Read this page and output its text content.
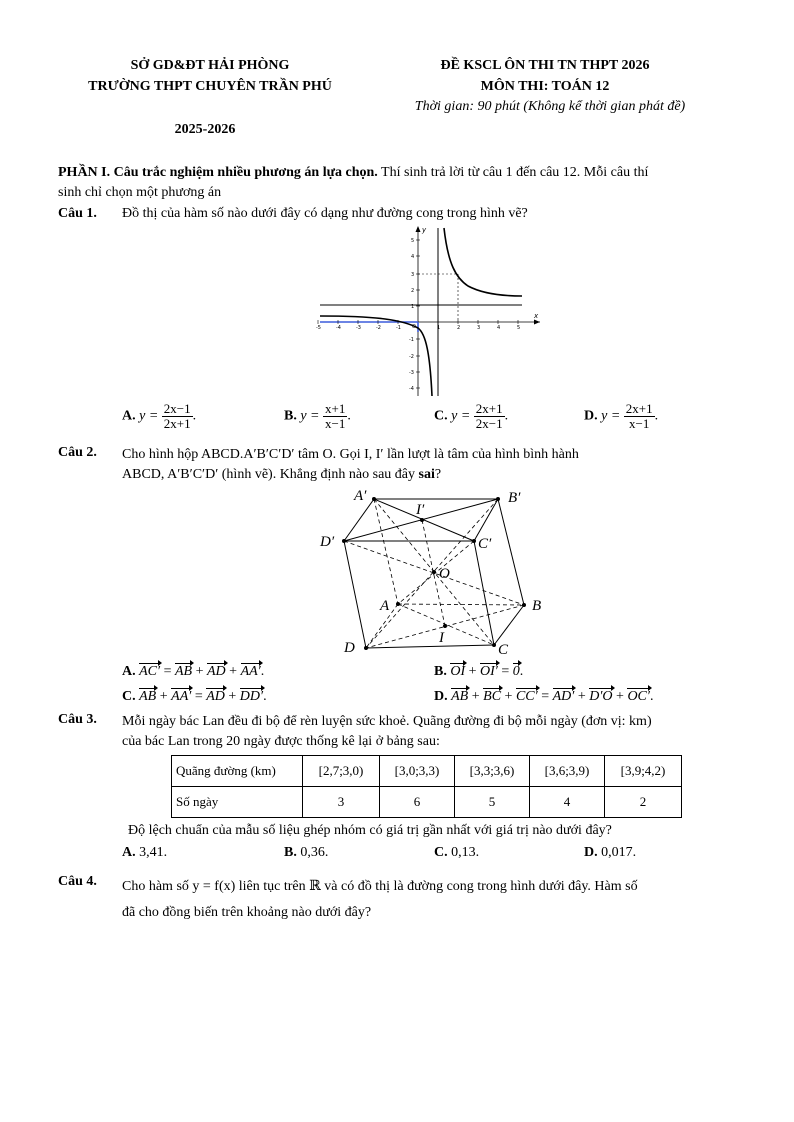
SỞ GD&ĐT HẢI PHÒNG
TRƯỜNG THPT CHUYÊN TRẦN PHÚ
2025-2026
ĐỀ KSCL ÔN THI TN THPT 2026
MÔN THI: TOÁN 12
Thời gian: 90 phút (Không kể thời gian phát đề)
PHẦN I. Câu trắc nghiệm nhiều phương án lựa chọn. Thí sinh trả lời từ câu 1 đến câu 12. Mỗi câu thí
sinh chỉ chọn một phương án
Câu 1. Đồ thị của hàm số nào dưới đây có dạng như đường cong trong hình vẽ?
-5	-4	-3	-2	-1	1	2	3	4	5
5
4
3
2
1
-1
-2
-3
-4
O
x
y
A. $y = \frac{2x-1}{2x+1}$ .	B. $y = \frac{x+1}{x-1}$ .	C. $y = \frac{2x+1}{2x-1}$ .	D. $y = \frac{2x+1}{x-1}$ .
Câu 2. Cho hình hộp ABCD.A′B′C′D′ tâm O. Gọi I, I′ lần lượt là tâm của hình bình hành
ABCD, A′B′C′D′ (hình vẽ). Khẳng định nào sau đây sai?
A′	B′
D′	C′
A	B
D	C
O
I′
I
A. AC′ = AB + AD + AA′.	B. OI + OI′ = 0.
C. AB + AA′ = AD + DD′.	D. AB + BC + CC′ = AD′ + D′O + OC′.
Câu 3. Mỗi ngày bác Lan đều đi bộ để rèn luyện sức khoẻ. Quãng đường đi bộ mỗi ngày (đơn vị: km)
của bác Lan trong 20 ngày được thống kê lại ở bảng sau:
Quãng đường (km)	[2,7;3,0)	[3,0;3,3)	[3,3;3,6)	[3,6;3,9)	[3,9;4,2)
Số ngày	3	6	5	4	2
Độ lệch chuẩn của mẫu số liệu ghép nhóm có giá trị gần nhất với giá trị nào dưới đây?
A. 3,41.	B. 0,36.	C. 0,13.	D. 0,017.
Câu 4. Cho hàm số y = f(x) liên tục trên ℝ và có đồ thị là đường cong trong hình dưới đây. Hàm số
đã cho đồng biến trên khoảng nào dưới đây?
